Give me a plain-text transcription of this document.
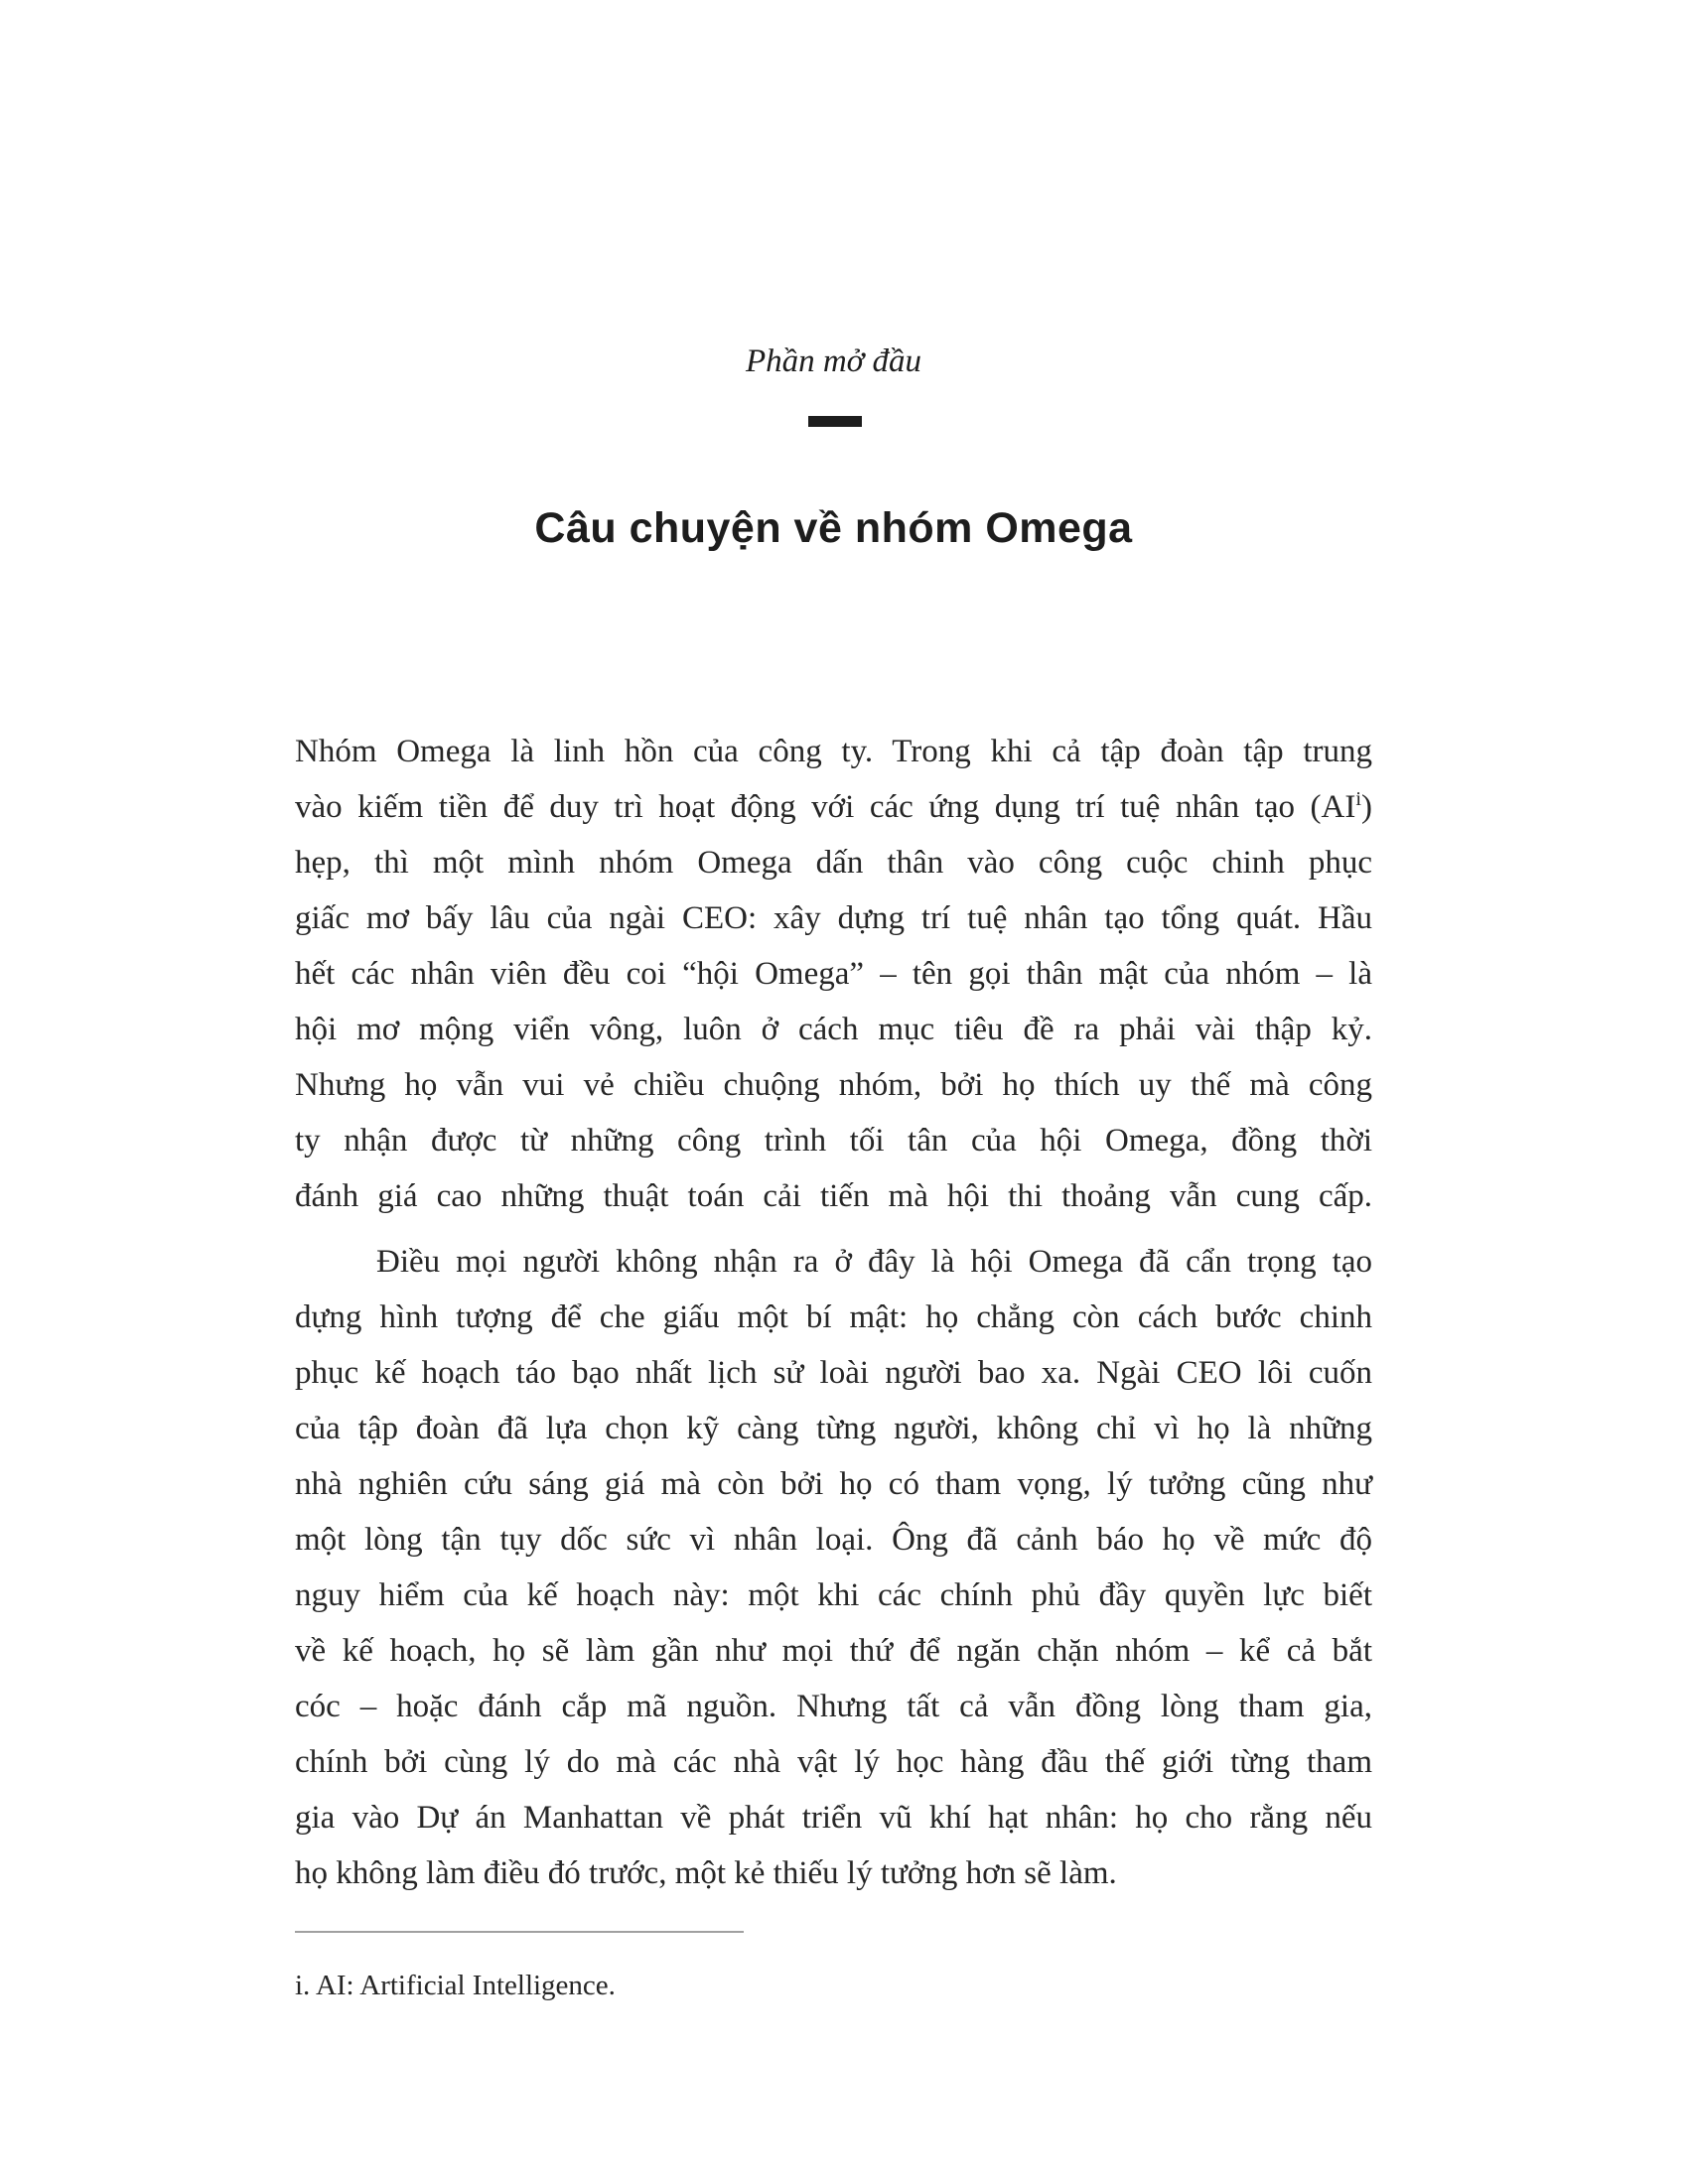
Phần mở đầu
Câu chuyện về nhóm Omega
Nhóm Omega là linh hồn của công ty. Trong khi cả tập đoàn tập trung
vào kiếm tiền để duy trì hoạt động với các ứng dụng trí tuệ nhân tạo (AI$^i$)
hẹp, thì một mình nhóm Omega dấn thân vào công cuộc chinh phục
giấc mơ bấy lâu của ngài CEO: xây dựng trí tuệ nhân tạo tổng quát. Hầu
hết các nhân viên đều coi “hội Omega” – tên gọi thân mật của nhóm – là
hội mơ mộng viển vông, luôn ở cách mục tiêu đề ra phải vài thập kỷ.
Nhưng họ vẫn vui vẻ chiều chuộng nhóm, bởi họ thích uy thế mà công
ty nhận được từ những công trình tối tân của hội Omega, đồng thời
đánh giá cao những thuật toán cải tiến mà hội thi thoảng vẫn cung cấp.
Điều mọi người không nhận ra ở đây là hội Omega đã cẩn trọng tạo
dựng hình tượng để che giấu một bí mật: họ chẳng còn cách bước chinh
phục kế hoạch táo bạo nhất lịch sử loài người bao xa. Ngài CEO lôi cuốn
của tập đoàn đã lựa chọn kỹ càng từng người, không chỉ vì họ là những
nhà nghiên cứu sáng giá mà còn bởi họ có tham vọng, lý tưởng cũng như
một lòng tận tụy dốc sức vì nhân loại. Ông đã cảnh báo họ về mức độ
nguy hiểm của kế hoạch này: một khi các chính phủ đầy quyền lực biết
về kế hoạch, họ sẽ làm gần như mọi thứ để ngăn chặn nhóm – kể cả bắt
cóc – hoặc đánh cắp mã nguồn. Nhưng tất cả vẫn đồng lòng tham gia,
chính bởi cùng lý do mà các nhà vật lý học hàng đầu thế giới từng tham
gia vào Dự án Manhattan về phát triển vũ khí hạt nhân: họ cho rằng nếu
họ không làm điều đó trước, một kẻ thiếu lý tưởng hơn sẽ làm.
i. AI: Artificial Intelligence.
